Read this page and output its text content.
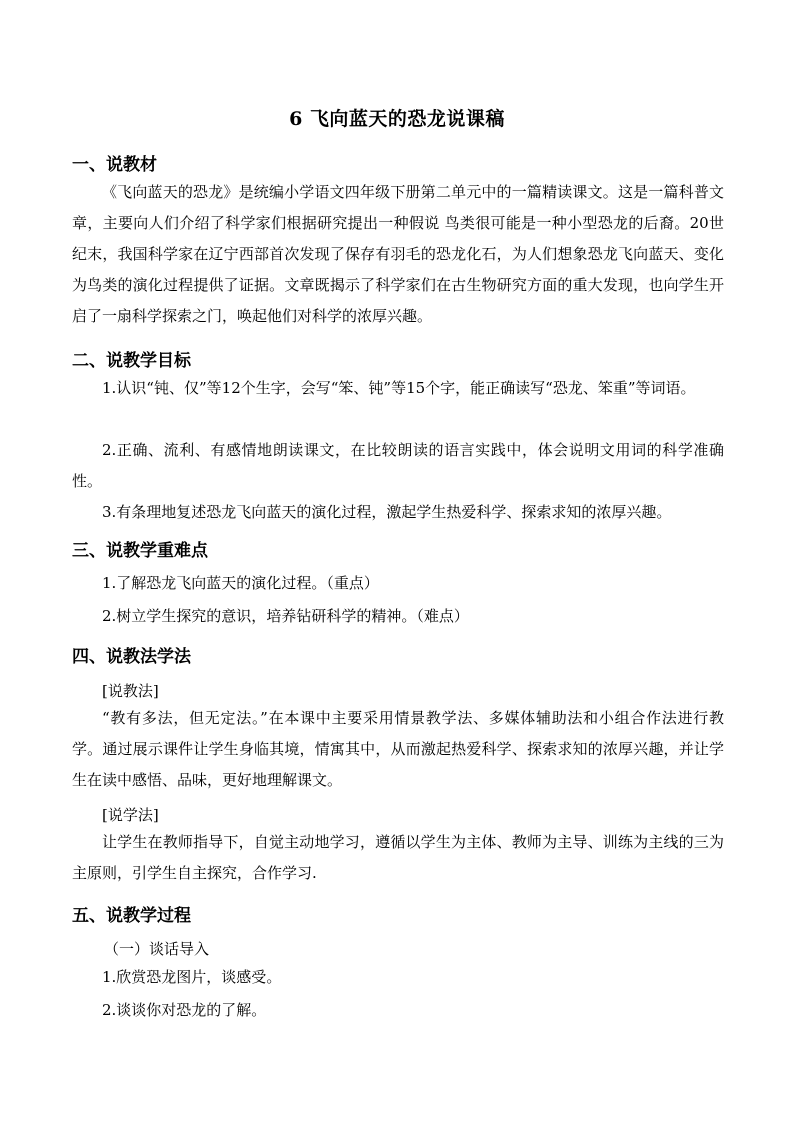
6 飞向蓝天的恐龙说课稿
一、说教材
《飞向蓝天的恐龙》是统编小学语文四年级下册第二单元中的一篇精读课文。这是一篇科普文章，主要向人们介绍了科学家们根据研究提出一种假说 鸟类很可能是一种小型恐龙的后裔。20世纪末，我国科学家在辽宁西部首次发现了保存有羽毛的恐龙化石，为人们想象恐龙飞向蓝天、变化为鸟类的演化过程提供了证据。文章既揭示了科学家们在古生物研究方面的重大发现，也向学生开启了一扇科学探索之门，唤起他们对科学的浓厚兴趣。
二、说教学目标
1.认识“钝、仅”等12个生字，会写“笨、钝”等15个字，能正确读写“恐龙、笨重”等词语。
2.正确、流利、有感情地朗读课文，在比较朗读的语言实践中，体会说明文用词的科学准确性。
3.有条理地复述恐龙飞向蓝天的演化过程，激起学生热爱科学、探索求知的浓厚兴趣。
三、说教学重难点
1.了解恐龙飞向蓝天的演化过程。（重点）
2.树立学生探究的意识，培养钻研科学的精神。（难点）
四、说教法学法
[说教法]
“教有多法，但无定法。”在本课中主要采用情景教学法、多媒体辅助法和小组合作法进行教学。通过展示课件让学生身临其境，情寓其中，从而激起热爱科学、探索求知的浓厚兴趣，并让学生在读中感悟、品味，更好地理解课文。
[说学法]
让学生在教师指导下，自觉主动地学习，遵循以学生为主体、教师为主导、训练为主线的三为主原则，引学生自主探究，合作学习.
五、说教学过程
（一）谈话导入
1.欣赏恐龙图片，谈感受。
2.谈谈你对恐龙的了解。
